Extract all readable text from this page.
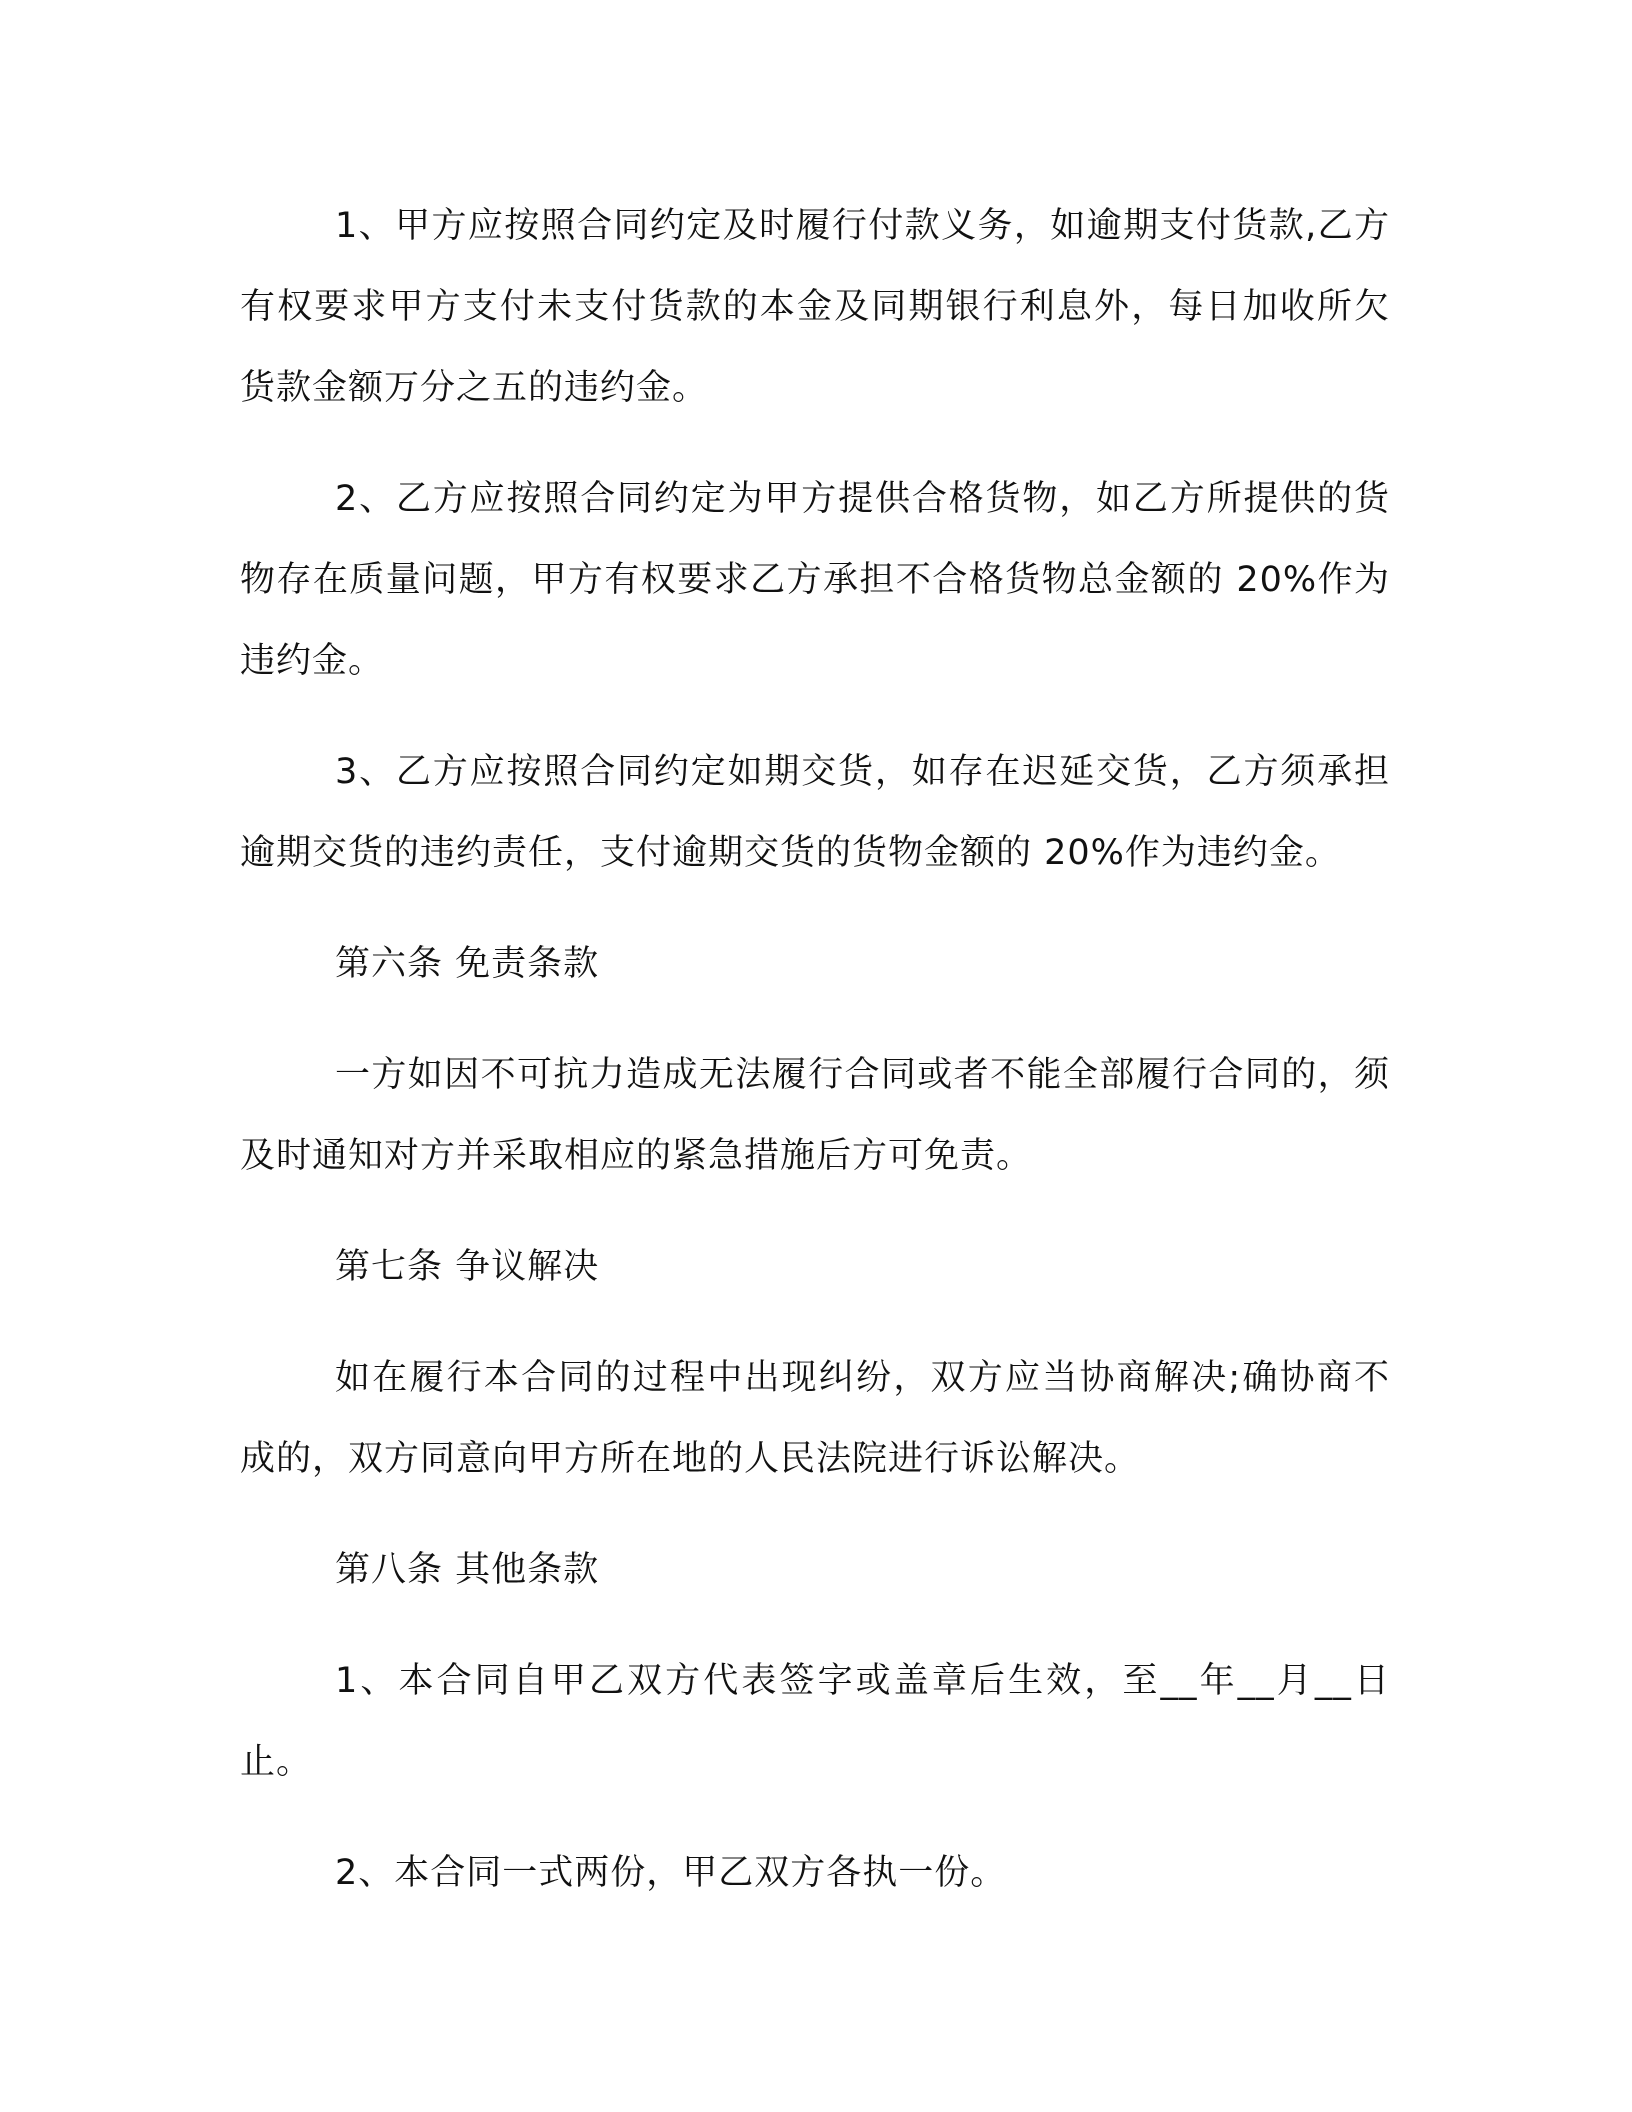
1、甲方应按照合同约定及时履行付款义务，如逾期支付货款,乙方有权要求甲方支付未支付货款的本金及同期银行利息外，每日加收所欠货款金额万分之五的违约金。

2、乙方应按照合同约定为甲方提供合格货物，如乙方所提供的货物存在质量问题，甲方有权要求乙方承担不合格货物总金额的 20%作为违约金。

3、乙方应按照合同约定如期交货，如存在迟延交货，乙方须承担逾期交货的违约责任，支付逾期交货的货物金额的 20%作为违约金。

第六条 免责条款

一方如因不可抗力造成无法履行合同或者不能全部履行合同的，须及时通知对方并采取相应的紧急措施后方可免责。

第七条 争议解决

如在履行本合同的过程中出现纠纷，双方应当协商解决;确协商不成的，双方同意向甲方所在地的人民法院进行诉讼解决。

第八条 其他条款

1、本合同自甲乙双方代表签字或盖章后生效，至__年__月__日止。

2、本合同一式两份，甲乙双方各执一份。
